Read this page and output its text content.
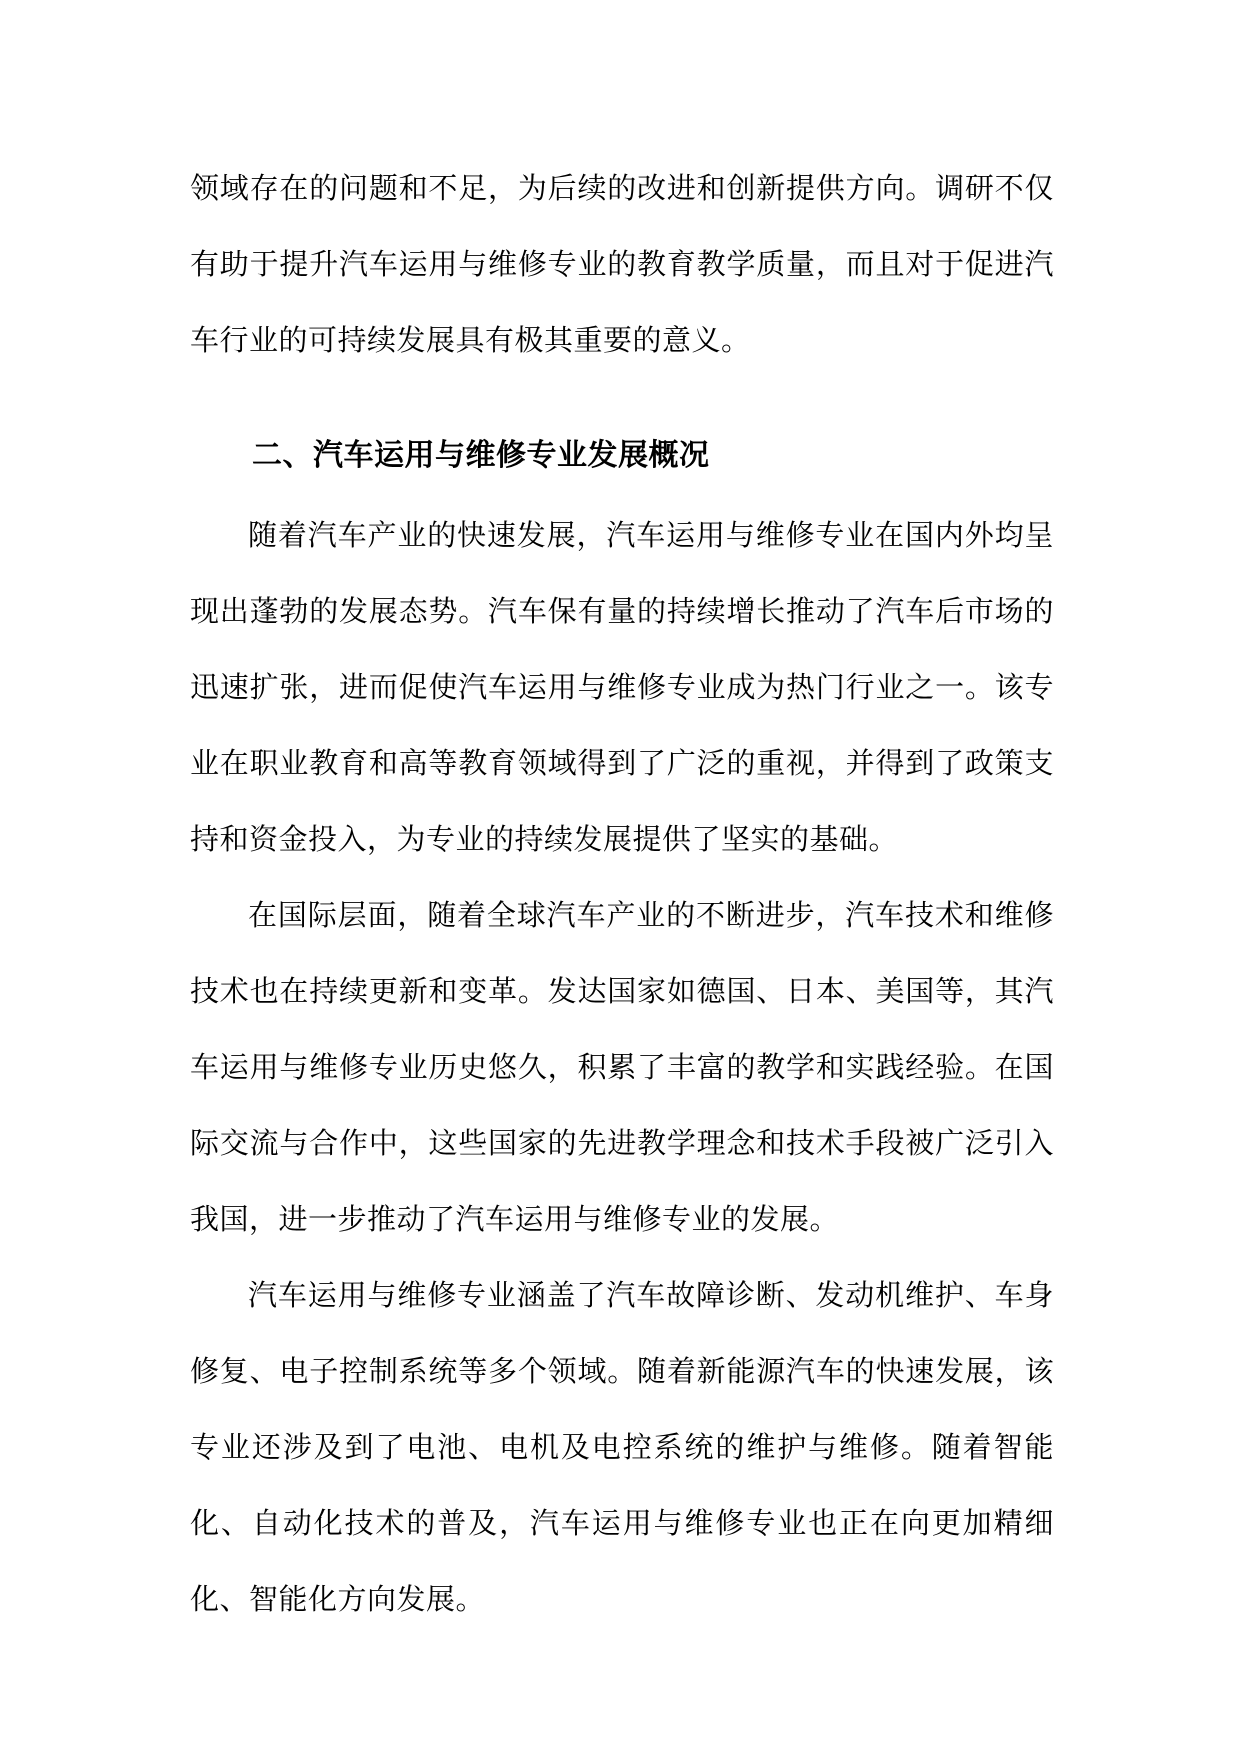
领域存在的问题和不足，为后续的改进和创新提供方向。调研不仅有助于提升汽车运用与维修专业的教育教学质量，而且对于促进汽车行业的可持续发展具有极其重要的意义。

二、汽车运用与维修专业发展概况

随着汽车产业的快速发展，汽车运用与维修专业在国内外均呈现出蓬勃的发展态势。汽车保有量的持续增长推动了汽车后市场的迅速扩张，进而促使汽车运用与维修专业成为热门行业之一。该专业在职业教育和高等教育领域得到了广泛的重视，并得到了政策支持和资金投入，为专业的持续发展提供了坚实的基础。

在国际层面，随着全球汽车产业的不断进步，汽车技术和维修技术也在持续更新和变革。发达国家如德国、日本、美国等，其汽车运用与维修专业历史悠久，积累了丰富的教学和实践经验。在国际交流与合作中，这些国家的先进教学理念和技术手段被广泛引入我国，进一步推动了汽车运用与维修专业的发展。

汽车运用与维修专业涵盖了汽车故障诊断、发动机维护、车身修复、电子控制系统等多个领域。随着新能源汽车的快速发展，该专业还涉及到了电池、电机及电控系统的维护与维修。随着智能化、自动化技术的普及，汽车运用与维修专业也正在向更加精细化、智能化方向发展。
